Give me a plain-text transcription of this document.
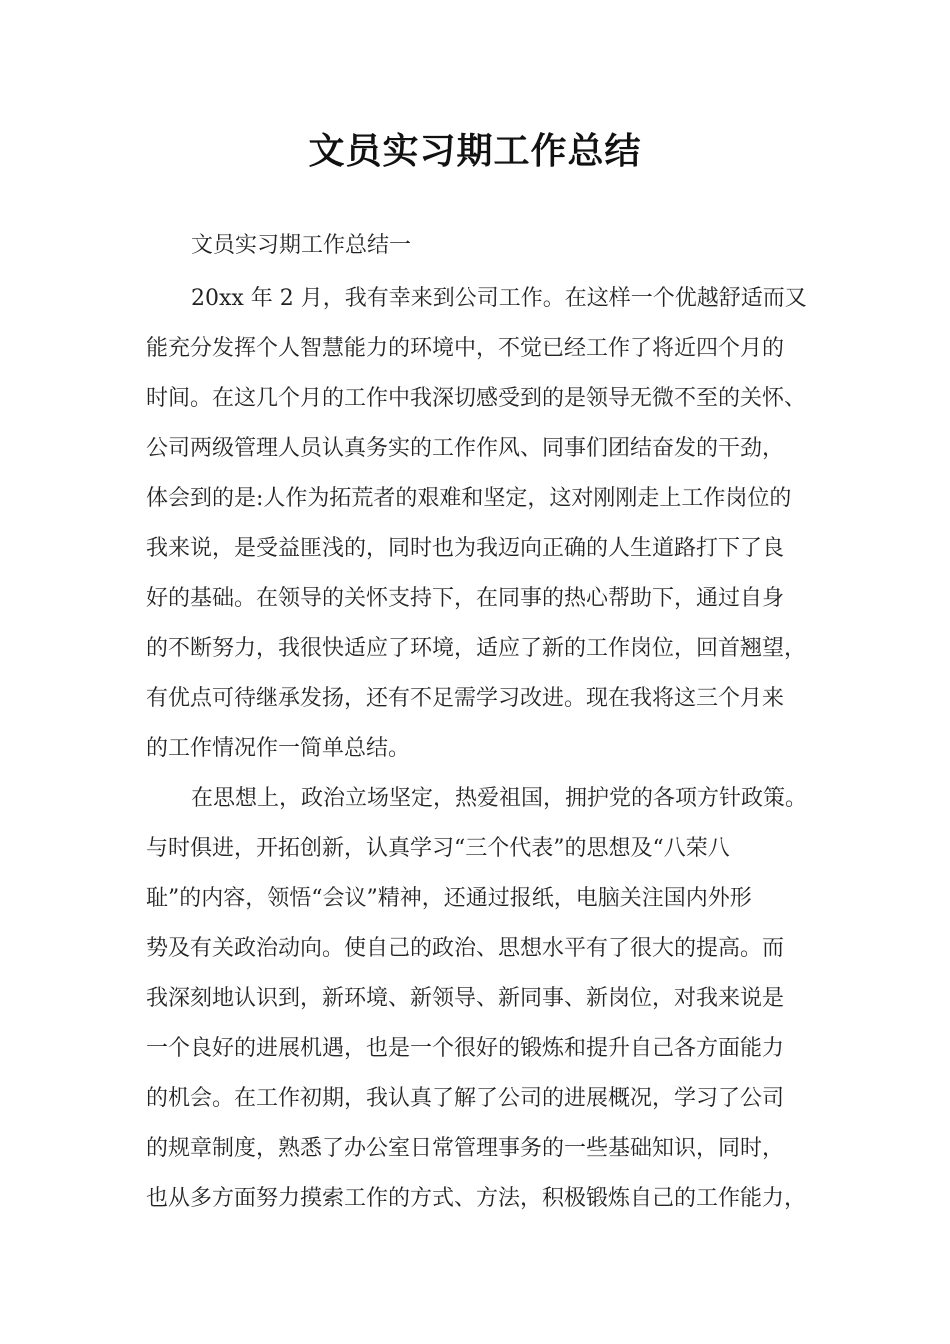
文员实习期工作总结
文员实习期工作总结一
20xx 年 2 月，我有幸来到公司工作。在这样一个优越舒适而又
能充分发挥个人智慧能力的环境中，不觉已经工作了将近四个月的
时间。在这几个月的工作中我深切感受到的是领导无微不至的关怀、
公司两级管理人员认真务实的工作作风、同事们团结奋发的干劲，
体会到的是:人作为拓荒者的艰难和坚定，这对刚刚走上工作岗位的
我来说，是受益匪浅的，同时也为我迈向正确的人生道路打下了良
好的基础。在领导的关怀支持下，在同事的热心帮助下，通过自身
的不断努力，我很快适应了环境，适应了新的工作岗位，回首翘望，
有优点可待继承发扬，还有不足需学习改进。现在我将这三个月来
的工作情况作一简单总结。
在思想上，政治立场坚定，热爱祖国，拥护党的各项方针政策。
与时俱进，开拓创新，认真学习“三个代表”的思想及“八荣八
耻”的内容，领悟“会议”精神，还通过报纸，电脑关注国内外形
势及有关政治动向。使自己的政治、思想水平有了很大的提高。而
我深刻地认识到，新环境、新领导、新同事、新岗位，对我来说是
一个良好的进展机遇，也是一个很好的锻炼和提升自己各方面能力
的机会。在工作初期，我认真了解了公司的进展概况，学习了公司
的规章制度，熟悉了办公室日常管理事务的一些基础知识，同时，
也从多方面努力摸索工作的方式、方法，积极锻炼自己的工作能力，
